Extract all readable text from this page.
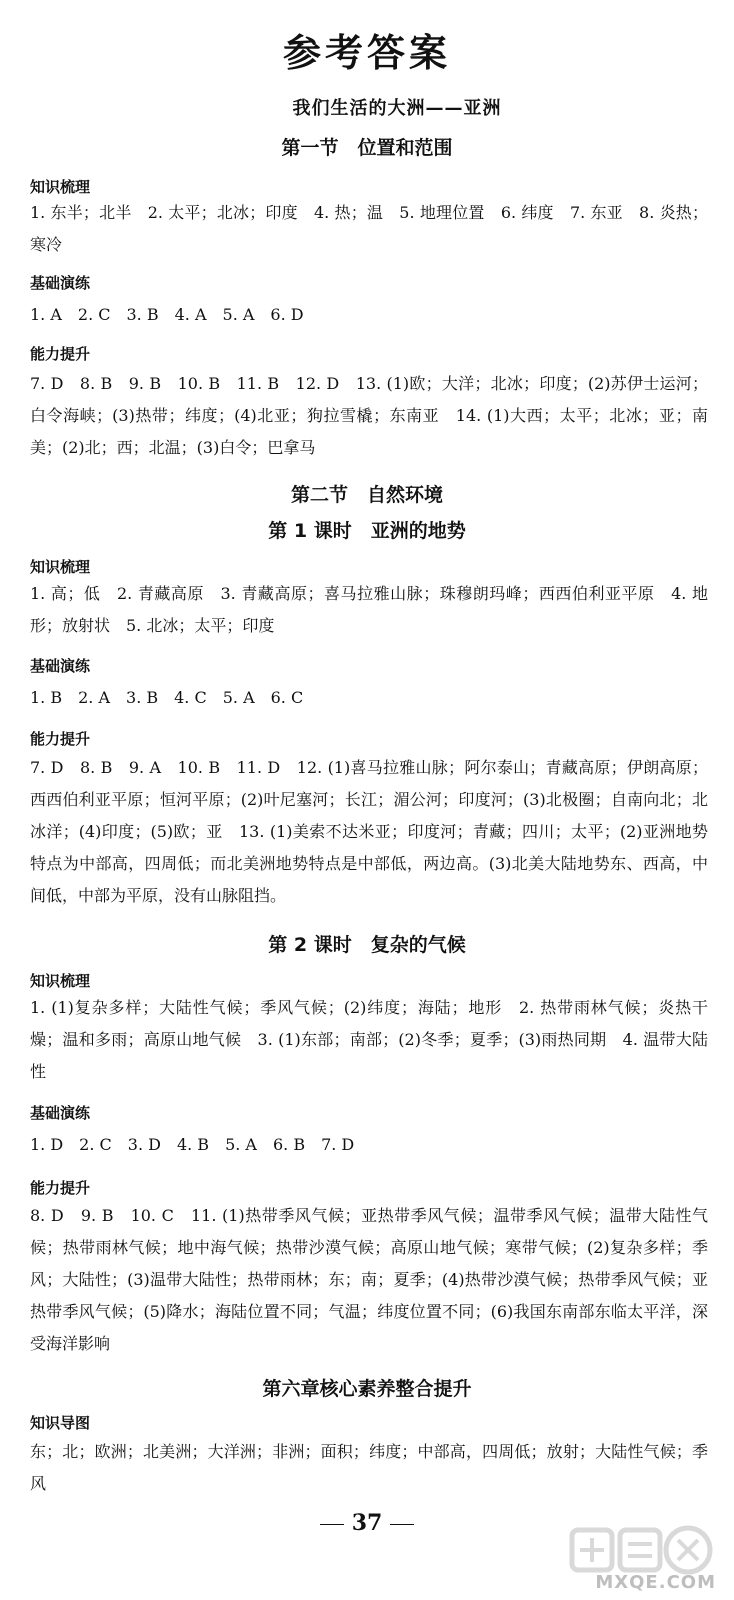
参考答案
我们生活的大洲——亚洲
第一节　位置和范围
知识梳理

1. 东半；北半　2. 太平；北冰；印度　4. 热；温　5. 地理位置　6. 纬度　7. 东亚　8. 炎热；寒冷

基础演练

1. A　2. C　3. B　4. A　5. A　6. D

能力提升

7. D　8. B　9. B　10. B　11. B　12. D　13. (1)欧；大洋；北冰；印度；(2)苏伊士运河；白令海峡；(3)热带；纬度；(4)北亚；狗拉雪橇；东南亚　14. (1)大西；太平；北冰；亚；南美；(2)北；西；北温；(3)白令；巴拿马

第二节　自然环境
第 1 课时　亚洲的地势
知识梳理

1. 高；低　2. 青藏高原　3. 青藏高原；喜马拉雅山脉；珠穆朗玛峰；西西伯利亚平原　4. 地形；放射状　5. 北冰；太平；印度

基础演练

1. B　2. A　3. B　4. C　5. A　6. C

能力提升

7. D　8. B　9. A　10. B　11. D　12. (1)喜马拉雅山脉；阿尔泰山；青藏高原；伊朗高原；西西伯利亚平原；恒河平原；(2)叶尼塞河；长江；湄公河；印度河；(3)北极圈；自南向北；北冰洋；(4)印度；(5)欧；亚　13. (1)美索不达米亚；印度河；青藏；四川；太平；(2)亚洲地势特点为中部高，四周低；而北美洲地势特点是中部低，两边高。(3)北美大陆地势东、西高，中间低，中部为平原，没有山脉阻挡。

第 2 课时　复杂的气候
知识梳理

1. (1)复杂多样；大陆性气候；季风气候；(2)纬度；海陆；地形　2. 热带雨林气候；炎热干燥；温和多雨；高原山地气候　3. (1)东部；南部；(2)冬季；夏季；(3)雨热同期　4. 温带大陆性

基础演练

1. D　2. C　3. D　4. B　5. A　6. B　7. D

能力提升

8. D　9. B　10. C　11. (1)热带季风气候；亚热带季风气候；温带季风气候；温带大陆性气候；热带雨林气候；地中海气候；热带沙漠气候；高原山地气候；寒带气候；(2)复杂多样；季风；大陆性；(3)温带大陆性；热带雨林；东；南；夏季；(4)热带沙漠气候；热带季风气候；亚热带季风气候；(5)降水；海陆位置不同；气温；纬度位置不同；(6)我国东南部东临太平洋，深受海洋影响

第六章核心素养整合提升
知识导图

东；北；欧洲；北美洲；大洋洲；非洲；面积；纬度；中部高，四周低；放射；大陆性气候；季风

37

MXQE.COM
